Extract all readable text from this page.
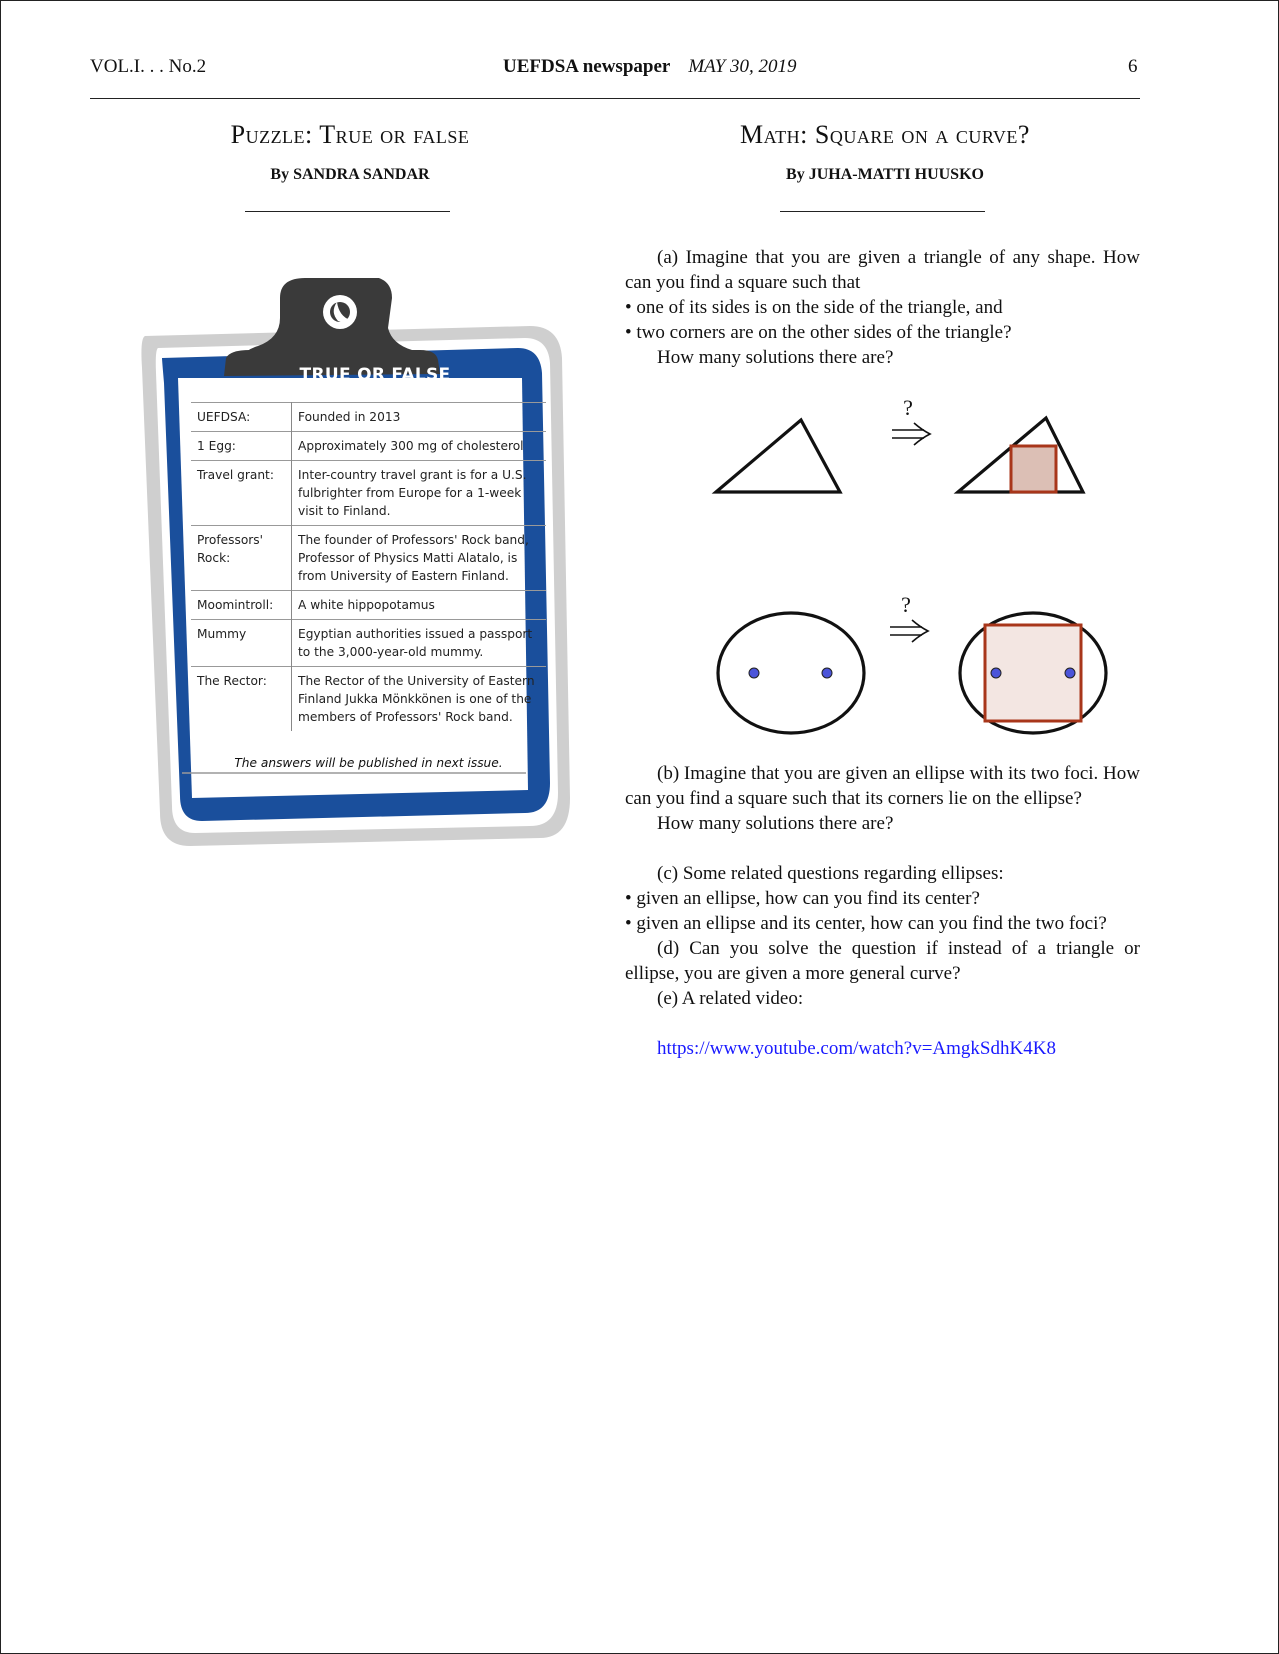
VOL.I. . . No.2	UEFDSA newspaper MAY 30, 2019	6
Puzzle: True or false
By SANDRA SANDAR
TRUE OR FALSE
UEFDSA:	Founded in 2013
1 Egg:	Approximately 300 mg of cholesterol
Travel grant:	Inter-country travel grant is for a U.S. fulbrighter from Europe for a 1-week visit to Finland.
Professors' Rock:	The founder of Professors' Rock band, Professor of Physics Matti Alatalo, is from University of Eastern Finland.
Moomintroll:	A white hippopotamus
Mummy	Egyptian authorities issued a passport to the 3,000-year-old mummy.
The Rector:	The Rector of the University of Eastern Finland Jukka Mönkkönen is one of the members of Professors' Rock band.
The answers will be published in next issue.
Math: Square on a curve?
By JUHA-MATTI HUUSKO

(a) Imagine that you are given a triangle of any shape. How can you find a square such that

• one of its sides is on the side of the triangle, and

• two corners are on the other sides of the triangle?

How many solutions there are?

?
?

(b) Imagine that you are given an ellipse with its two foci. How can you find a square such that its corners lie on the ellipse?

How many solutions there are?

(c) Some related questions regarding ellipses:

• given an ellipse, how can you find its center?

• given an ellipse and its center, how can you find the two foci?

(d) Can you solve the question if instead of a triangle or ellipse, you are given a more general curve?

(e) A related video:

https://www.youtube.com/watch?v=AmgkSdhK4K8
